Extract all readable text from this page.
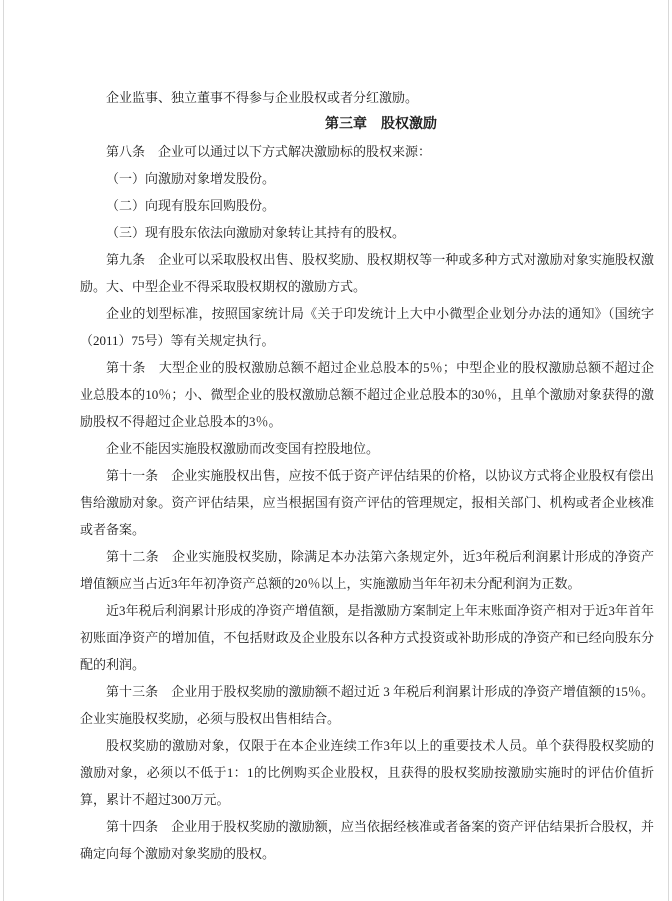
企业监事、独立董事不得参与企业股权或者分红激励。

第三章　股权激励

第八条　企业可以通过以下方式解决激励标的股权来源：

（一）向激励对象增发股份。

（二）向现有股东回购股份。

（三）现有股东依法向激励对象转让其持有的股权。

第九条　企业可以采取股权出售、股权奖励、股权期权等一种或多种方式对激励对象实施股权激励。大、中型企业不得采取股权期权的激励方式。

企业的划型标准，按照国家统计局《关于印发统计上大中小微型企业划分办法的通知》（国统字（2011）75号）等有关规定执行。

第十条　大型企业的股权激励总额不超过企业总股本的5％；中型企业的股权激励总额不超过企业总股本的10％；小、微型企业的股权激励总额不超过企业总股本的30％，且单个激励对象获得的激励股权不得超过企业总股本的3％。

企业不能因实施股权激励而改变国有控股地位。

第十一条　企业实施股权出售，应按不低于资产评估结果的价格，以协议方式将企业股权有偿出售给激励对象。资产评估结果，应当根据国有资产评估的管理规定，报相关部门、机构或者企业核准或者备案。

第十二条　企业实施股权奖励，除满足本办法第六条规定外，近3年税后利润累计形成的净资产增值额应当占近3年年初净资产总额的20％以上，实施激励当年年初未分配利润为正数。

近3年税后利润累计形成的净资产增值额，是指激励方案制定上年末账面净资产相对于近3年首年初账面净资产的增加值，不包括财政及企业股东以各种方式投资或补助形成的净资产和已经向股东分配的利润。

第十三条　企业用于股权奖励的激励额不超过近 3 年税后利润累计形成的净资产增值额的15％。企业实施股权奖励，必须与股权出售相结合。

股权奖励的激励对象，仅限于在本企业连续工作3年以上的重要技术人员。单个获得股权奖励的激励对象，必须以不低于1：1的比例购买企业股权，且获得的股权奖励按激励实施时的评估价值折算，累计不超过300万元。

第十四条　企业用于股权奖励的激励额，应当依据经核准或者备案的资产评估结果折合股权，并确定向每个激励对象奖励的股权。
